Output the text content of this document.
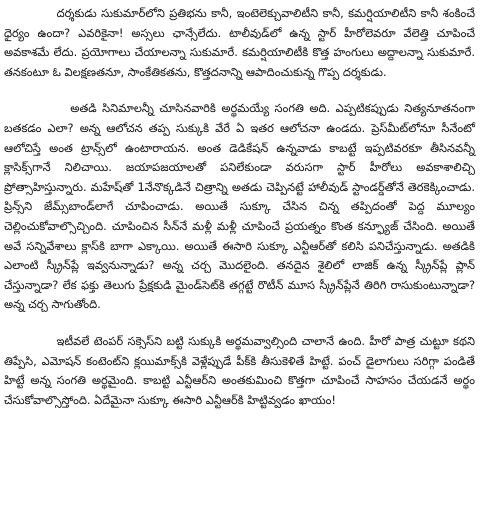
దర్శకుడు సుకుమార్‌లోని ప్రతిభను కానీ, ఇంటెలెక్చువాలిటీని కానీ, కమర్షియాలిటీని కానీ శంకించే ధైర్యం ఉందా? ఎవరికైనా! అస్సలు ఛాన్సేలేదు. టాలీవుడ్‌లో ఉన్న స్టార్ హీరోలెవరూ వేలెత్తి చూపించే అవకాశమే లేదు. ప్రయోగాలు చేయాలన్నా సుకుమారే. కమర్షియాలిటీకి కొత్త హంగులు అద్దాలన్నా సుకుమారే. తనకంటూ ఓ విలక్షణతనూ, సాంకేతికతను, కొత్తదనాన్ని ఆపాదించుకున్న గొప్ప దర్శకుడు.

అతడి సినిమాలన్నీ చూసినవారికి అర్థమయ్యే సంగతి అది. ఎప్పటికప్పుడు నిత్యనూతనంగా బతకడం ఎలా? అన్న ఆలోచన తప్ప సుక్కుకి వేరే ఏ ఇతర ఆలోచనా ఉండదు. ప్రెస్‌మీట్‌లోనూ సీనేంటో ఆలోచిస్తే అంత ట్రాన్స్‌లో ఉంటారాయన. అంత డెడికేషన్ ఉన్నవాడు కాబట్టే ఇప్పటివరకూ తీసినవన్నీ క్లాసిక్స్‌గానే నిలిచాయి. జయాపజయాలతో పనిలేకుండా వరుసగా స్టార్ హీరోలు అవకాశాలిచ్చి ప్రోత్సాహిస్తున్నారు. మహేష్‌తో 1నేనొక్కడినే చిత్రాన్ని అతడు చెప్పినట్టే హాలీవుడ్ స్టాండర్డ్‌తోనే తెరకెక్కించాడు. ప్రిన్స్‌ని జేమ్స్‌బాండ్‌లాగే చూపించాడు. అయితే సుక్కూ చేసిన చిన్న తప్పిదంతో పెద్ద మూల్యం చెల్లించుకోవాల్సొచ్చింది. చూపించిన సీన్‌నే మళ్లీ మళ్లీ చూపించే ప్రయత్నం కొంత కన్ఫ్యూజ్ చేసింది. అయితే అవే సన్నివేశాలు క్లాస్‌కి బాగా ఎక్కాయి. అయితే ఈసారి సుక్కూ ఎన్టీఆర్‌తో కలిసి పనిచేస్తున్నాడు. అతడికి ఎలాంటి స్క్రీన్‌ప్లే ఇవ్వనున్నాడు? అన్న చర్చ మొదలైంది. తనదైన శైలిలో లాజిక్ ఉన్న స్క్రీన్‌ప్లే ప్లాన్ చేస్తున్నాడా? లేక ఫక్తు తెలుగు ప్రేక్షకుడి మైండ్‌సెట్‌కి తగ్గట్టే రొటీన్ మూస స్క్రీన్‌ప్లేనే తిరిగి రాసుకుంటున్నాడా? అన్న చర్చ సాగుతోంది.

ఇటీవలే టెంపర్ సక్సెస్‌ని బట్టి సుక్కుకి అర్థమవ్వాల్సింది చాలానే ఉంది. హీరో పాత్ర చుట్టూ కథని తిప్పేసి, ఎమోషన్ కంటెంట్‌ని క్లయిమాక్స్‌కి వెళ్లేప్పుడే పీక్‌కి తీసుకెళితే హిట్టే. పంచ్ డైలాగులు సరిగ్గా పండితే హిట్టే అన్న సంగతి అర్థమైంది. కాబట్టి ఎన్టీఆర్‌ని అంతకుమించి కొత్తగా చూపించే సాహసం చేయడనే అర్థం చేసుకోవాల్సొస్తోంది. ఏదేమైనా సుక్కూ ఈసారి ఎన్టీఆర్‌కి హిట్టివ్వడం ఖాయం!
